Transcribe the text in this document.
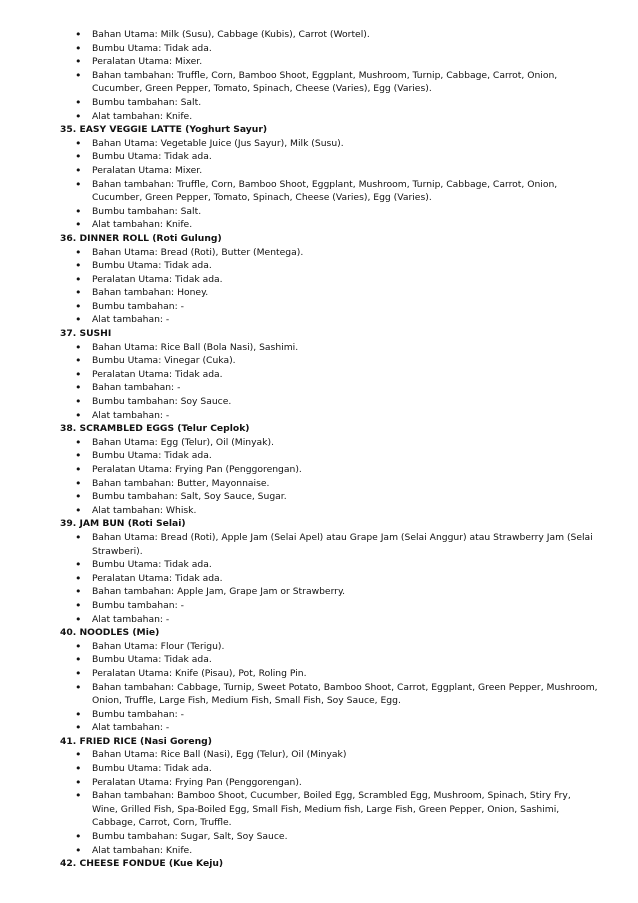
• Bahan Utama: Milk (Susu), Cabbage (Kubis), Carrot (Wortel).
• Bumbu Utama: Tidak ada.
• Peralatan Utama: Mixer.
• Bahan tambahan: Truffle, Corn, Bamboo Shoot, Eggplant, Mushroom, Turnip, Cabbage, Carrot, Onion, Cucumber, Green Pepper, Tomato, Spinach, Cheese (Varies), Egg (Varies).
• Bumbu tambahan: Salt.
• Alat tambahan: Knife.
35. EASY VEGGIE LATTE (Yoghurt Sayur)
• Bahan Utama: Vegetable Juice (Jus Sayur), Milk (Susu).
• Bumbu Utama: Tidak ada.
• Peralatan Utama: Mixer.
• Bahan tambahan: Truffle, Corn, Bamboo Shoot, Eggplant, Mushroom, Turnip, Cabbage, Carrot, Onion, Cucumber, Green Pepper, Tomato, Spinach, Cheese (Varies), Egg (Varies).
• Bumbu tambahan: Salt.
• Alat tambahan: Knife.
36. DINNER ROLL (Roti Gulung)
• Bahan Utama: Bread (Roti), Butter (Mentega).
• Bumbu Utama: Tidak ada.
• Peralatan Utama: Tidak ada.
• Bahan tambahan: Honey.
• Bumbu tambahan: -
• Alat tambahan: -
37. SUSHI
• Bahan Utama: Rice Ball (Bola Nasi), Sashimi.
• Bumbu Utama: Vinegar (Cuka).
• Peralatan Utama: Tidak ada.
• Bahan tambahan: -
• Bumbu tambahan: Soy Sauce.
• Alat tambahan: -
38. SCRAMBLED EGGS (Telur Ceplok)
• Bahan Utama: Egg (Telur), Oil (Minyak).
• Bumbu Utama: Tidak ada.
• Peralatan Utama: Frying Pan (Penggorengan).
• Bahan tambahan: Butter, Mayonnaise.
• Bumbu tambahan: Salt, Soy Sauce, Sugar.
• Alat tambahan: Whisk.
39. JAM BUN (Roti Selai)
• Bahan Utama: Bread (Roti), Apple Jam (Selai Apel) atau Grape Jam (Selai Anggur) atau Strawberry Jam (Selai Strawberi).
• Bumbu Utama: Tidak ada.
• Peralatan Utama: Tidak ada.
• Bahan tambahan: Apple Jam, Grape Jam or Strawberry.
• Bumbu tambahan: -
• Alat tambahan: -
40. NOODLES (Mie)
• Bahan Utama: Flour (Terigu).
• Bumbu Utama: Tidak ada.
• Peralatan Utama: Knife (Pisau), Pot, Roling Pin.
• Bahan tambahan: Cabbage, Turnip, Sweet Potato, Bamboo Shoot, Carrot, Eggplant, Green Pepper, Mushroom, Onion, Truffle, Large Fish, Medium Fish, Small Fish, Soy Sauce, Egg.
• Bumbu tambahan: -
• Alat tambahan: -
41. FRIED RICE (Nasi Goreng)
• Bahan Utama: Rice Ball (Nasi), Egg (Telur), Oil (Minyak)
• Bumbu Utama: Tidak ada.
• Peralatan Utama: Frying Pan (Penggorengan).
• Bahan tambahan: Bamboo Shoot, Cucumber, Boiled Egg, Scrambled Egg, Mushroom, Spinach, Stiry Fry, Wine, Grilled Fish, Spa-Boiled Egg, Small Fish, Medium fish, Large Fish, Green Pepper, Onion, Sashimi, Cabbage, Carrot, Corn, Truffle.
• Bumbu tambahan: Sugar, Salt, Soy Sauce.
• Alat tambahan: Knife.
42. CHEESE FONDUE (Kue Keju)
